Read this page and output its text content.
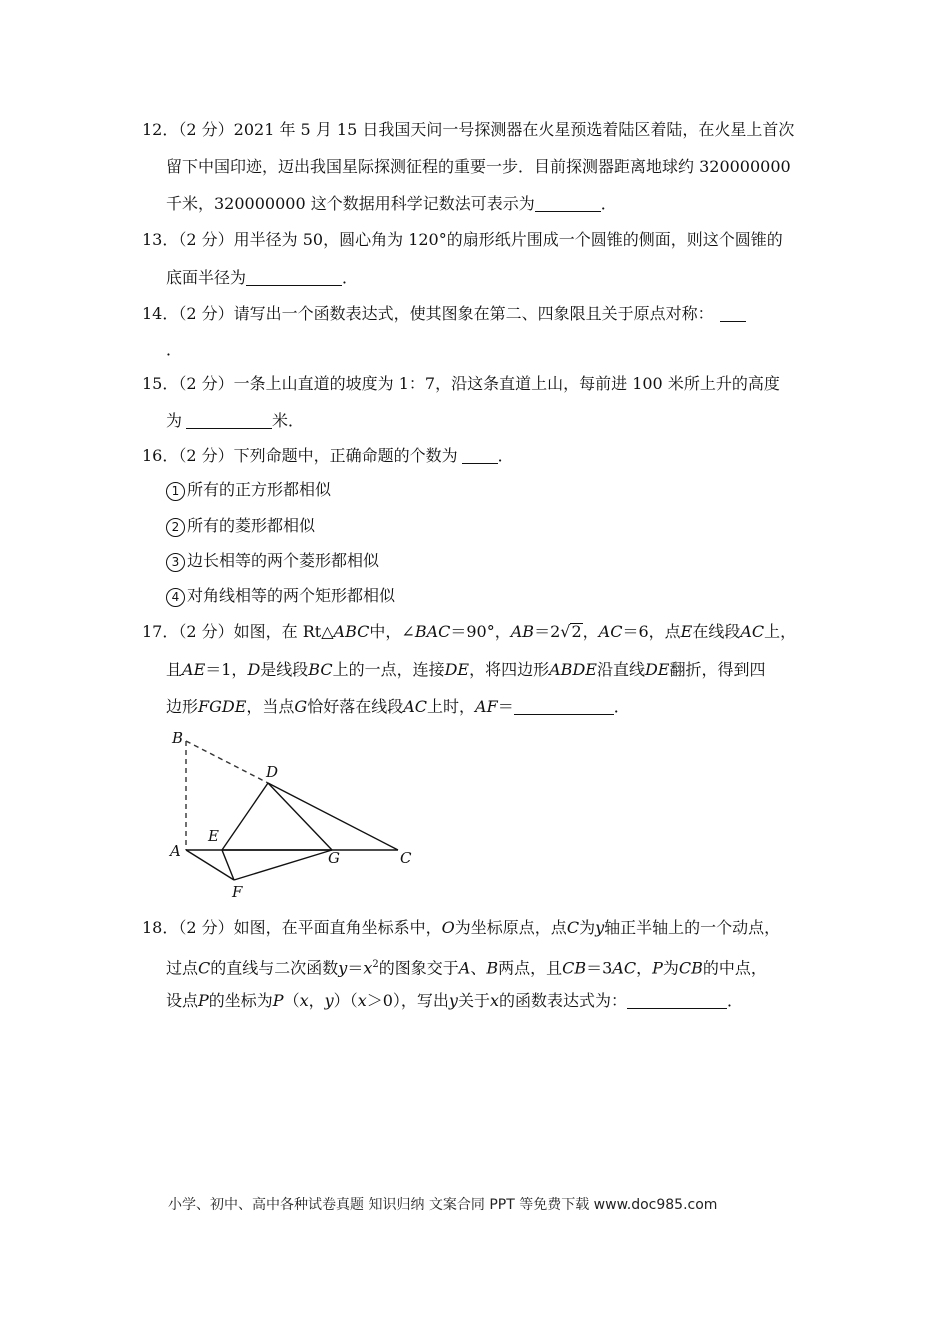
12．（2 分）2021 年 5 月 15 日我国天问一号探测器在火星预选着陆区着陆，在火星上首次
留下中国印迹，迈出我国星际探测征程的重要一步．目前探测器距离地球约 320000000
千米，320000000 这个数据用科学记数法可表示为	．
13．（2 分）用半径为 50，圆心角为 120°的扇形纸片围成一个圆锥的侧面，则这个圆锥的
底面半径为	．
14．（2 分）请写出一个函数表达式，使其图象在第二、四象限且关于原点对称：
．
15．（2 分）一条上山直道的坡度为 1：7，沿这条直道上山，每前进 100 米所上升的高度
为	米．
16．（2 分）下列命题中，正确命题的个数为	．
1 所有的正方形都相似
2 所有的菱形都相似
3 边长相等的两个菱形都相似
4 对角线相等的两个矩形都相似
17．（2 分）如图，在 Rt△ABC中，∠BAC＝90°，AB＝2√2，AC＝6，点E在线段AC上，
且AE＝1，D是线段BC上的一点，连接DE，将四边形ABDE沿直线DE翻折，得到四
边形FGDE，当点G恰好落在线段AC上时，AF＝	．
B
D
E
A	G	C
F
18．（2 分）如图，在平面直角坐标系中，O为坐标原点，点C为y轴正半轴上的一个动点，
过点C的直线与二次函数$y=x^2$的图象交于A、B两点，且CB＝3AC，P为CB的中点，
设点P的坐标为P（x，y）（x＞0），写出y关于x的函数表达式为：	．
小学、初中、高中各种试卷真题 知识归纳 文案合同 PPT 等免费下载 www.doc985.com
